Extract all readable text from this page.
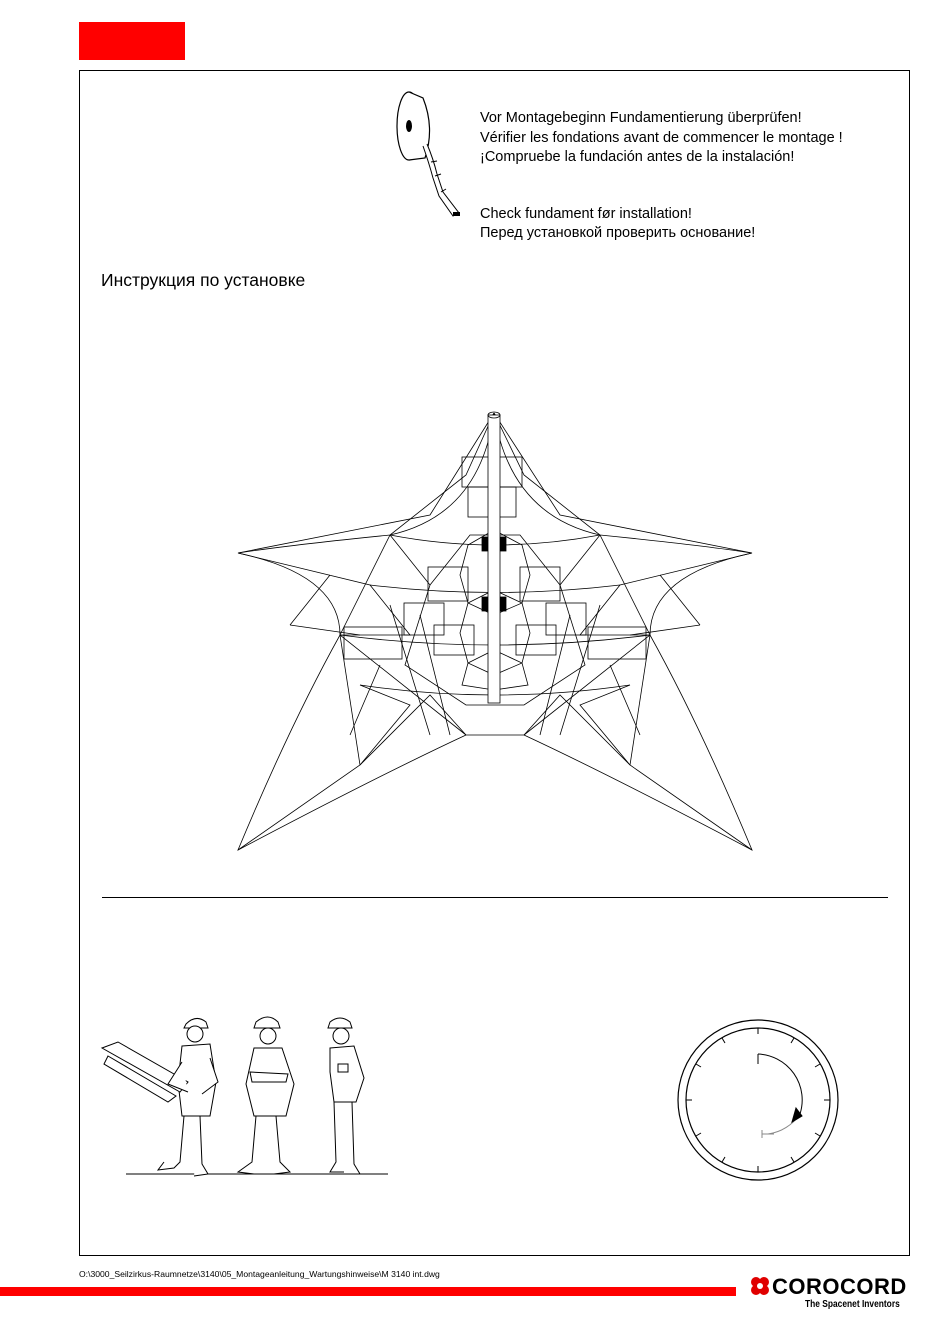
Vor Montagebeginn Fundamentierung überprüfen!
Vérifier les fondations avant de commencer le montage !
¡Compruebe la fundación antes de la instalación!
Check fundament før installation!
Перед установкой проверить основание!
Инструкция по установке
O:\3000_Seilzirkus-Raumnetze\3140\05_Montageanleitung_Wartungshinweise\M 3140 int.dwg	COROCORD
The Spacenet Inventors
